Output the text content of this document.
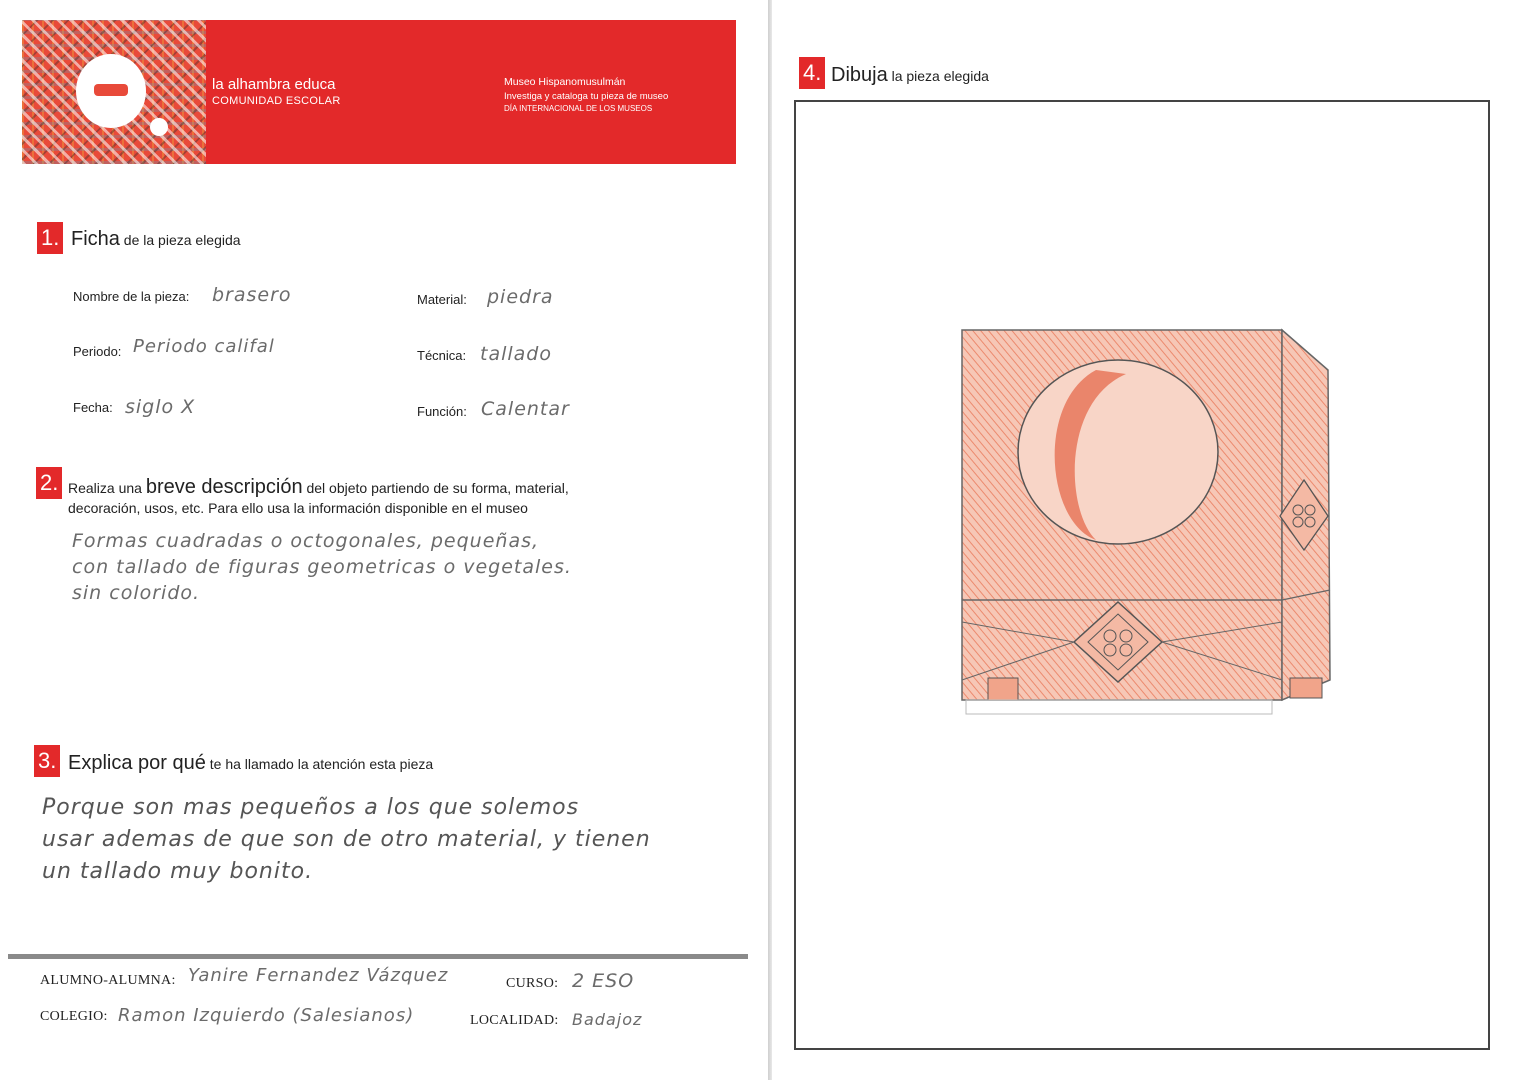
la alhambra educa
COMUNIDAD ESCOLAR
Museo Hispanomusulmán
Investiga y cataloga tu pieza de museo
DÍA INTERNACIONAL DE LOS MUSEOS
1. Ficha de la pieza elegida
Nombre de la pieza: brasero	Material: piedra
Periodo: Periodo califal	Técnica: tallado
Fecha: siglo X	Función: Calentar
2. Realiza una breve descripción del objeto partiendo de su forma, material,
decoración, usos, etc. Para ello usa la información disponible en el museo
Formas cuadradas o octogonales, pequeñas,
con tallado de figuras geometricas o vegetales.
sin colorido.
3. Explica por qué te ha llamado la atención esta pieza
Porque son mas pequeños a los que solemos
usar ademas de que son de otro material, y tienen
un tallado muy bonito.
ALUMNO-ALUMNA: Yanire Fernandez Vázquez	CURSO: 2 ESO
COLEGIO: Ramon Izquierdo (Salesianos)	LOCALIDAD: Badajoz
4. Dibuja la pieza elegida
